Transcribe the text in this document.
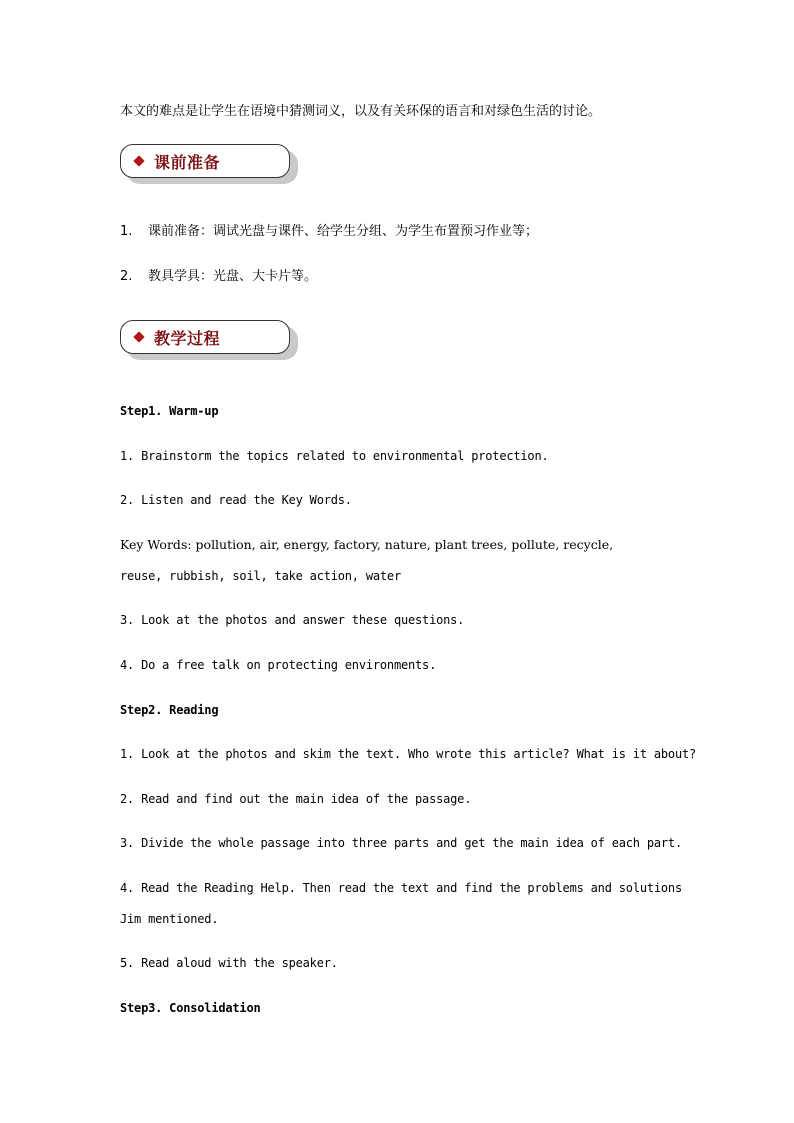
本文的难点是让学生在语境中猜测词义，以及有关环保的语言和对绿色生活的讨论。
课前准备
1. 课前准备：调试光盘与课件、给学生分组、为学生布置预习作业等；
2. 教具学具：光盘、大卡片等。
教学过程
Step1. Warm-up
1. Brainstorm the topics related to environmental protection.
2. Listen and read the Key Words.
Key Words: pollution, air, energy, factory, nature, plant trees, pollute, recycle,
reuse, rubbish, soil, take action, water
3. Look at the photos and answer these questions.
4. Do a free talk on protecting environments.
Step2. Reading
1. Look at the photos and skim the text. Who wrote this article? What is it about?
2. Read and find out the main idea of the passage.
3. Divide the whole passage into three parts and get the main idea of each part.
4. Read the Reading Help. Then read the text and find the problems and solutions
Jim mentioned.
5. Read aloud with the speaker.
Step3. Consolidation
